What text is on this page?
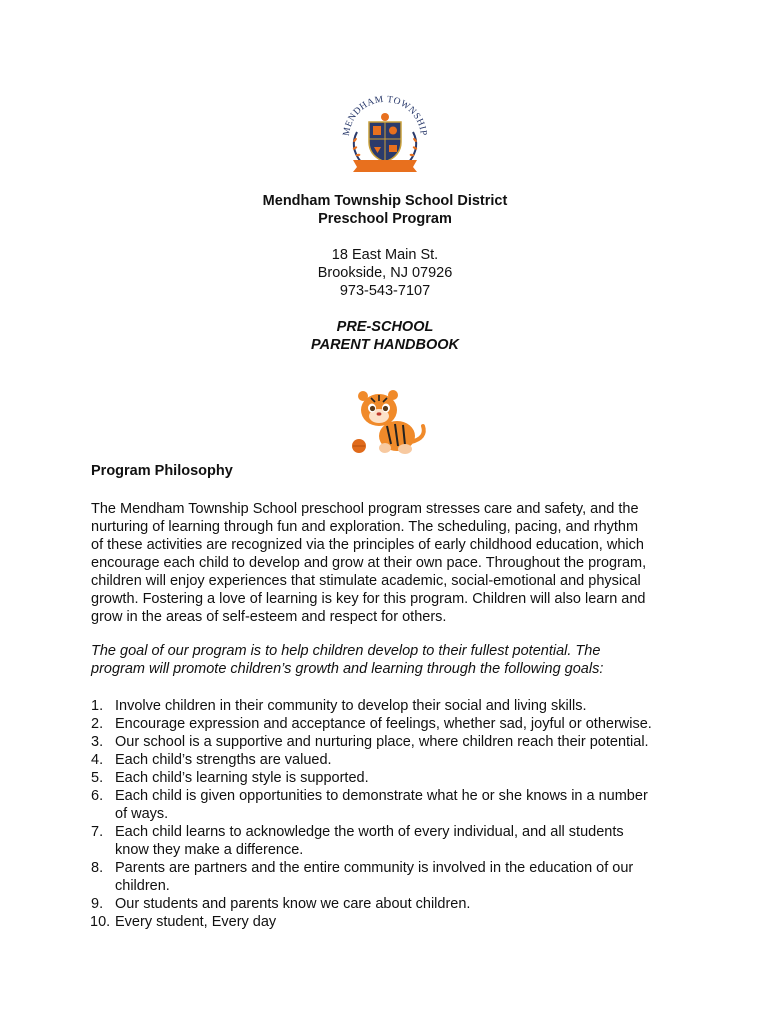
MENDHAM TOWNSHIP
Mendham Township School District
Preschool Program
18 East Main St.
Brookside, NJ 07926
973-543-7107
PRE-SCHOOL
PARENT HANDBOOK
Program Philosophy
The Mendham Township School preschool program stresses care and safety, and the
nurturing of learning through fun and exploration. The scheduling, pacing, and rhythm
of these activities are recognized via the principles of early childhood education, which
encourage each child to develop and grow at their own pace. Throughout the program,
children will enjoy experiences that stimulate academic, social-emotional and physical
growth. Fostering a love of learning is key for this program. Children will also learn and
grow in the areas of self-esteem and respect for others.
The goal of our program is to help children develop to their fullest potential. The
program will promote children’s growth and learning through the following goals:
1. Involve children in their community to develop their social and living skills.
2. Encourage expression and acceptance of feelings, whether sad, joyful or otherwise.
3. Our school is a supportive and nurturing place, where children reach their potential.
4. Each child’s strengths are valued.
5. Each child’s learning style is supported.
6. Each child is given opportunities to demonstrate what he or she knows in a number
of ways.
7. Each child learns to acknowledge the worth of every individual, and all students
know they make a difference.
8. Parents are partners and the entire community is involved in the education of our
children.
9. Our students and parents know we care about children.
10. Every student, Every day
